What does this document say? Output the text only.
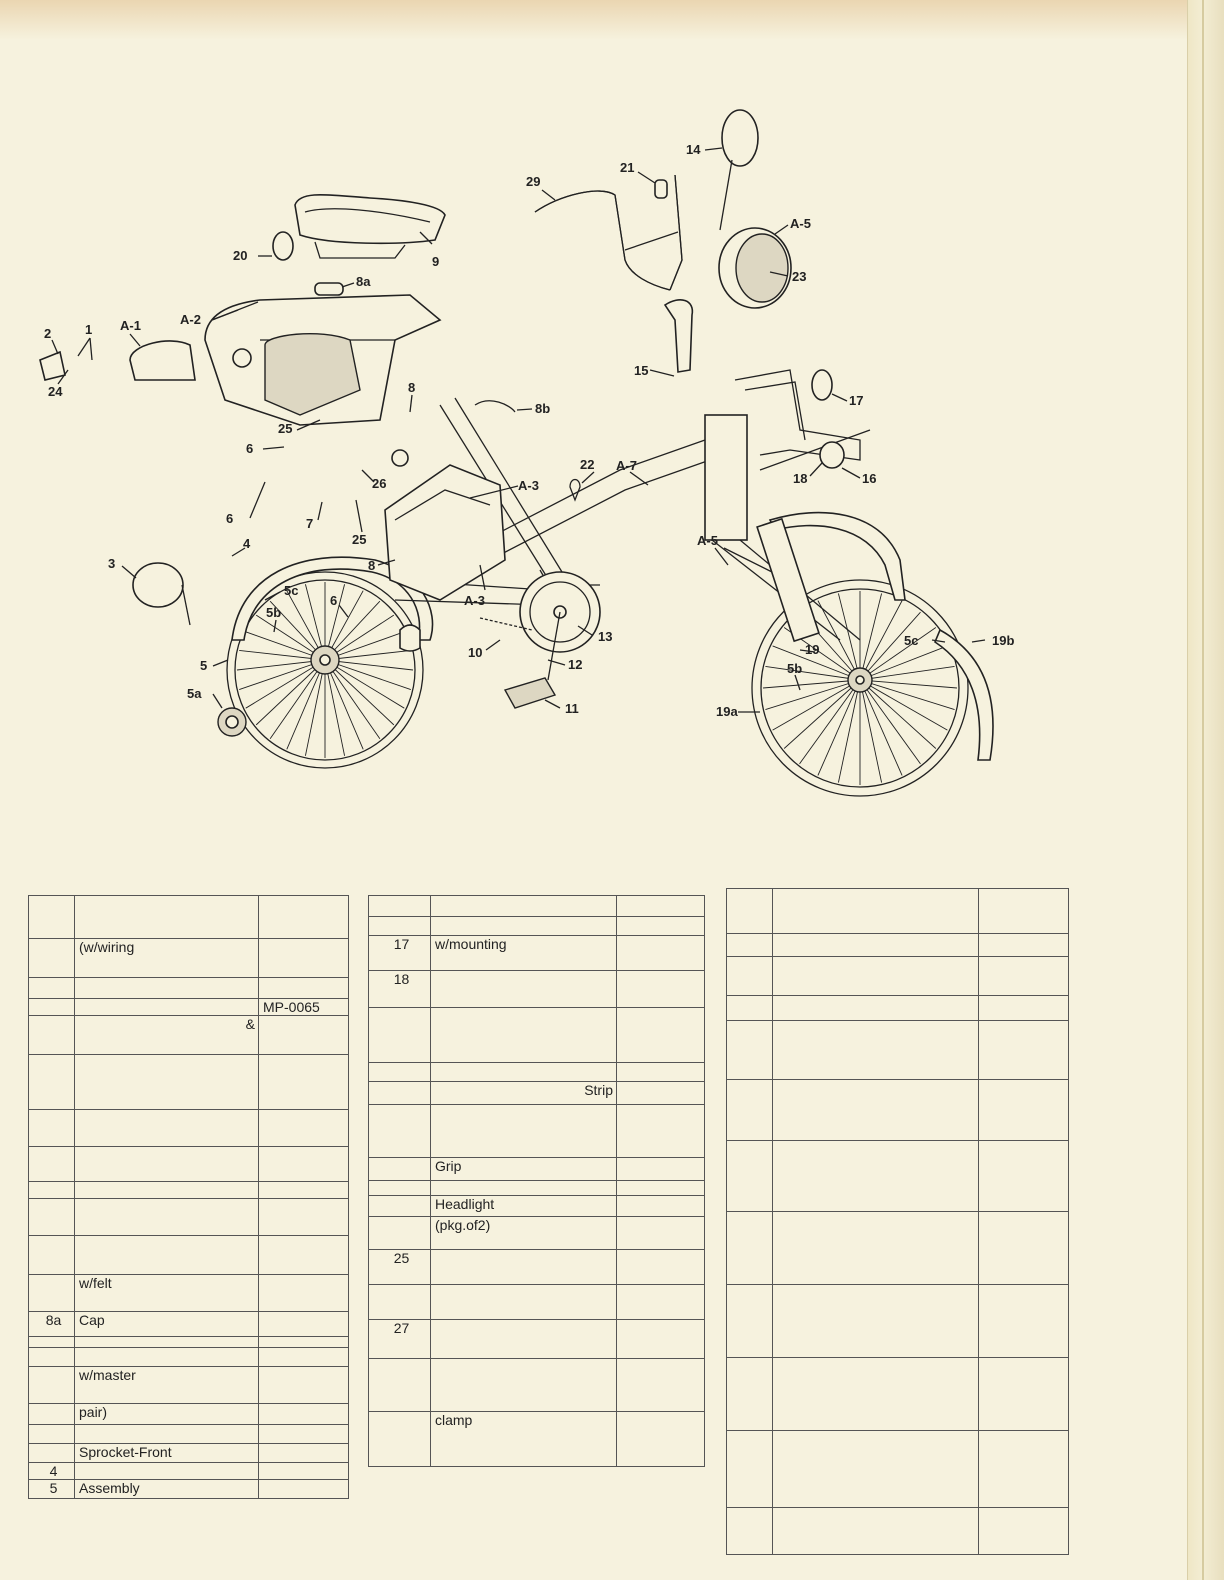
14
21
29
A-5
23
20	9
8a
A-2
A-1
2	1
24
15
17
16
18
8b
8
25
6
26
22 A-7
A-3
6	7
25
8
A-3
A-5
4
3
5c
5b
6
5
5a
13
12
10
11
5c	19b
19
5b
19a

	(w/wiring	

		MP-0065
	&	

	w/felt	
8a	Cap	

	w/master	
	pair)	

	Sprocket-Front	
4		
5	Assembly	

17	w/mounting	
18		

	Strip	

	Grip	

	Headlight	
	(pkg.of2)	
25		

27		

	clamp	
